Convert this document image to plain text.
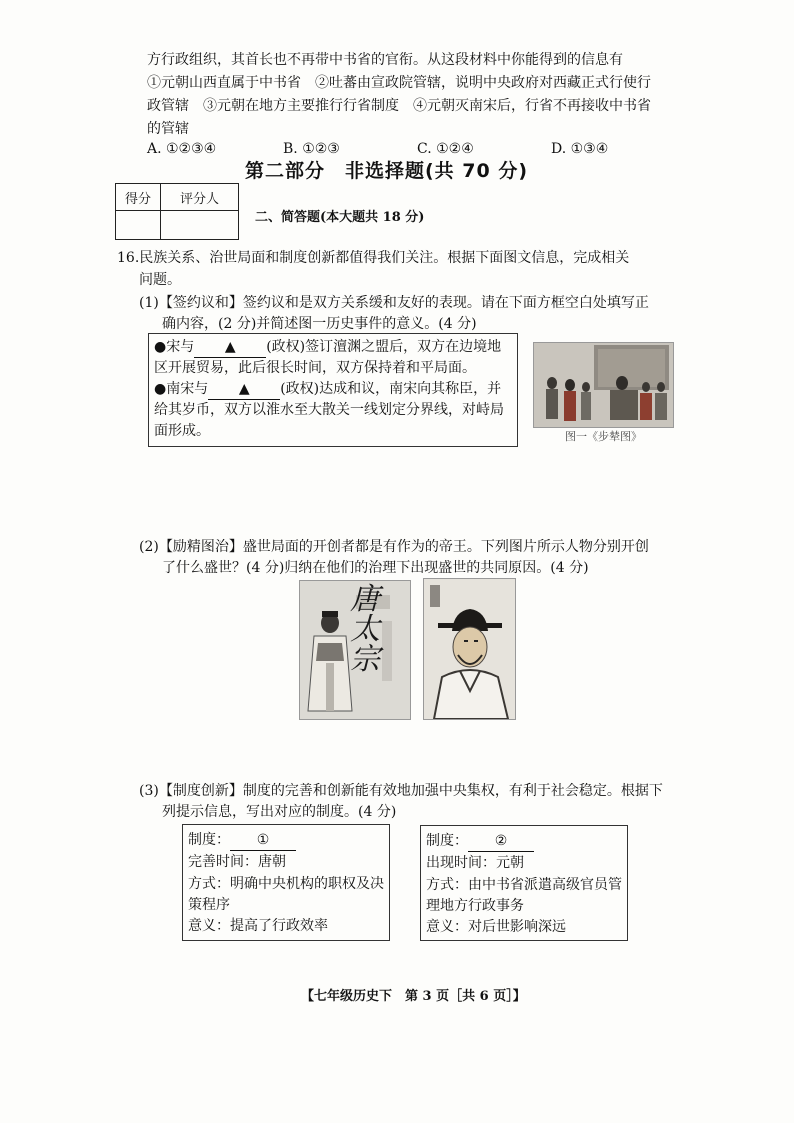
方行政组织，其首长也不再带中书省的官衔。从这段材料中你能得到的信息有
①元朝山西直属于中书省　②吐蕃由宣政院管辖，说明中央政府对西藏正式行使行
政管辖　③元朝在地方主要推行行省制度　④元朝灭南宋后，行省不再接收中书省
的管辖
A. ①②③④	B. ①②③	C. ①②④	D. ①③④
第二部分　非选择题(共 70 分)
得分	评分人

二、简答题(本大题共 18 分)
16.民族关系、治世局面和制度创新都值得我们关注。根据下面图文信息，完成相关
问题。
(1)【签约议和】签约议和是双方关系缓和友好的表现。请在下面方框空白处填写正
确内容，(2 分)并简述图一历史事件的意义。(4 分)
●宋与 ▲ (政权)签订澶渊之盟后，双方在边境地
区开展贸易，此后很长时间，双方保持着和平局面。
●南宋与 ▲ (政权)达成和议，南宋向其称臣，并
给其岁币，双方以淮水至大散关一线划定分界线，对峙局
面形成。	图一《步辇图》
(2)【励精图治】盛世局面的开创者都是有作为的帝王。下列图片所示人物分别开创
了什么盛世？(4 分)归纳在他们的治理下出现盛世的共同原因。(4 分)
唐太宗
(3)【制度创新】制度的完善和创新能有效地加强中央集权，有利于社会稳定。根据下
列提示信息，写出对应的制度。(4 分)
制度： ①
完善时间：唐朝
方式：明确中央机构的职权及决
策程序
意义：提高了行政效率
制度： ②
出现时间：元朝
方式：由中书省派遣高级官员管
理地方行政事务
意义：对后世影响深远
【七年级历史下　第 3 页［共 6 页］】
